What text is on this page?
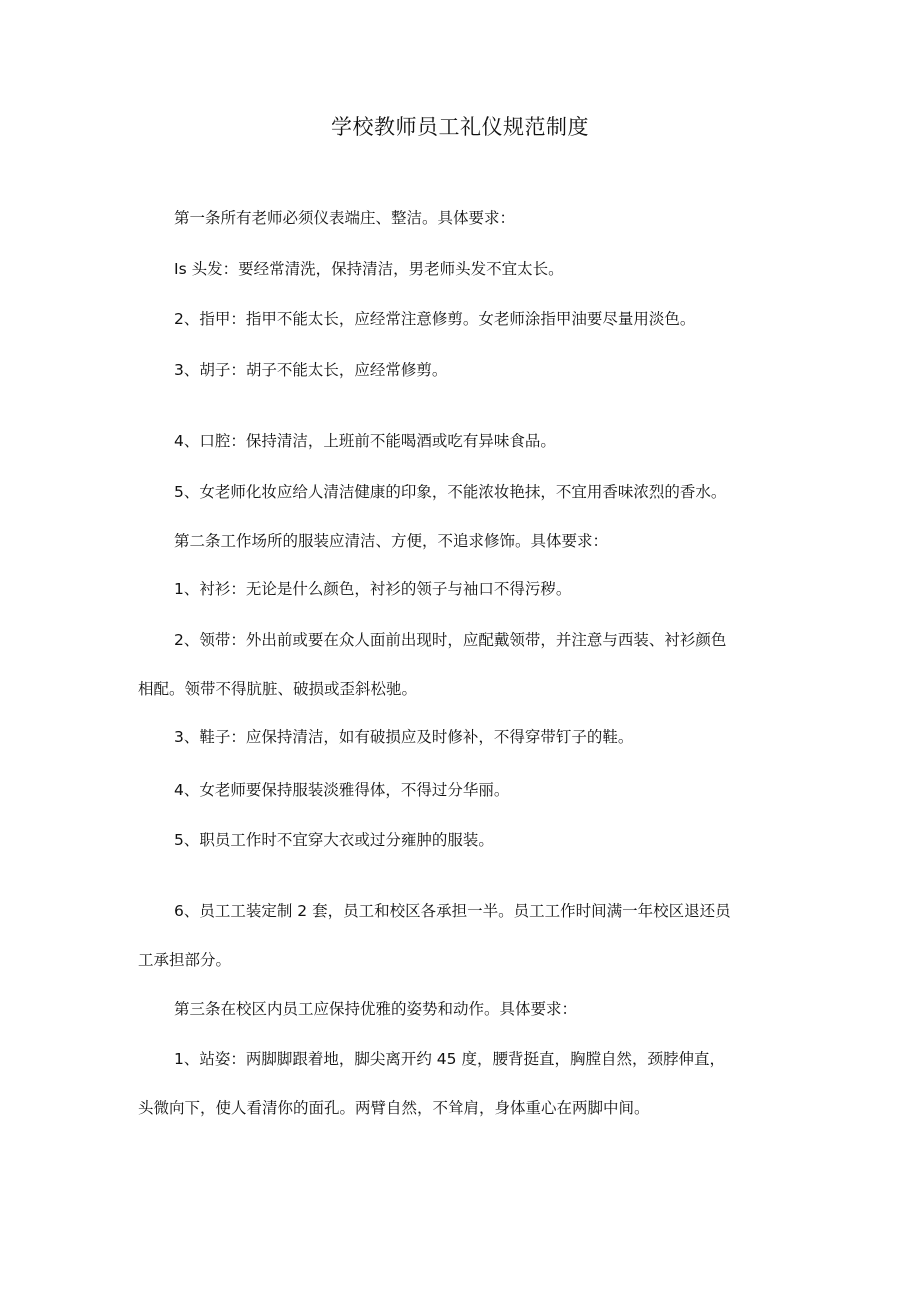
学校教师员工礼仪规范制度
第一条所有老师必须仪表端庄、整洁。具体要求：
Is 头发：要经常清洗，保持清洁，男老师头发不宜太长。
2、指甲：指甲不能太长，应经常注意修剪。女老师涂指甲油要尽量用淡色。
3、胡子：胡子不能太长，应经常修剪。
4、口腔：保持清洁，上班前不能喝酒或吃有异味食品。
5、女老师化妆应给人清洁健康的印象，不能浓妆艳抹，不宜用香味浓烈的香水。
第二条工作场所的服装应清洁、方便，不追求修饰。具体要求：
1、衬衫：无论是什么颜色，衬衫的领子与袖口不得污秽。
2、领带：外出前或要在众人面前出现时，应配戴领带，并注意与西装、衬衫颜色
相配。领带不得肮脏、破损或歪斜松驰。
3、鞋子：应保持清洁，如有破损应及时修补，不得穿带钉子的鞋。
4、女老师要保持服装淡雅得体，不得过分华丽。
5、职员工作时不宜穿大衣或过分雍肿的服装。
6、员工工装定制 2 套，员工和校区各承担一半。员工工作时间满一年校区退还员
工承担部分。
第三条在校区内员工应保持优雅的姿势和动作。具体要求：
1、站姿：两脚脚跟着地，脚尖离开约 45 度，腰背挺直，胸膛自然，颈脖伸直，
头微向下，使人看清你的面孔。两臂自然，不耸肩，身体重心在两脚中间。
